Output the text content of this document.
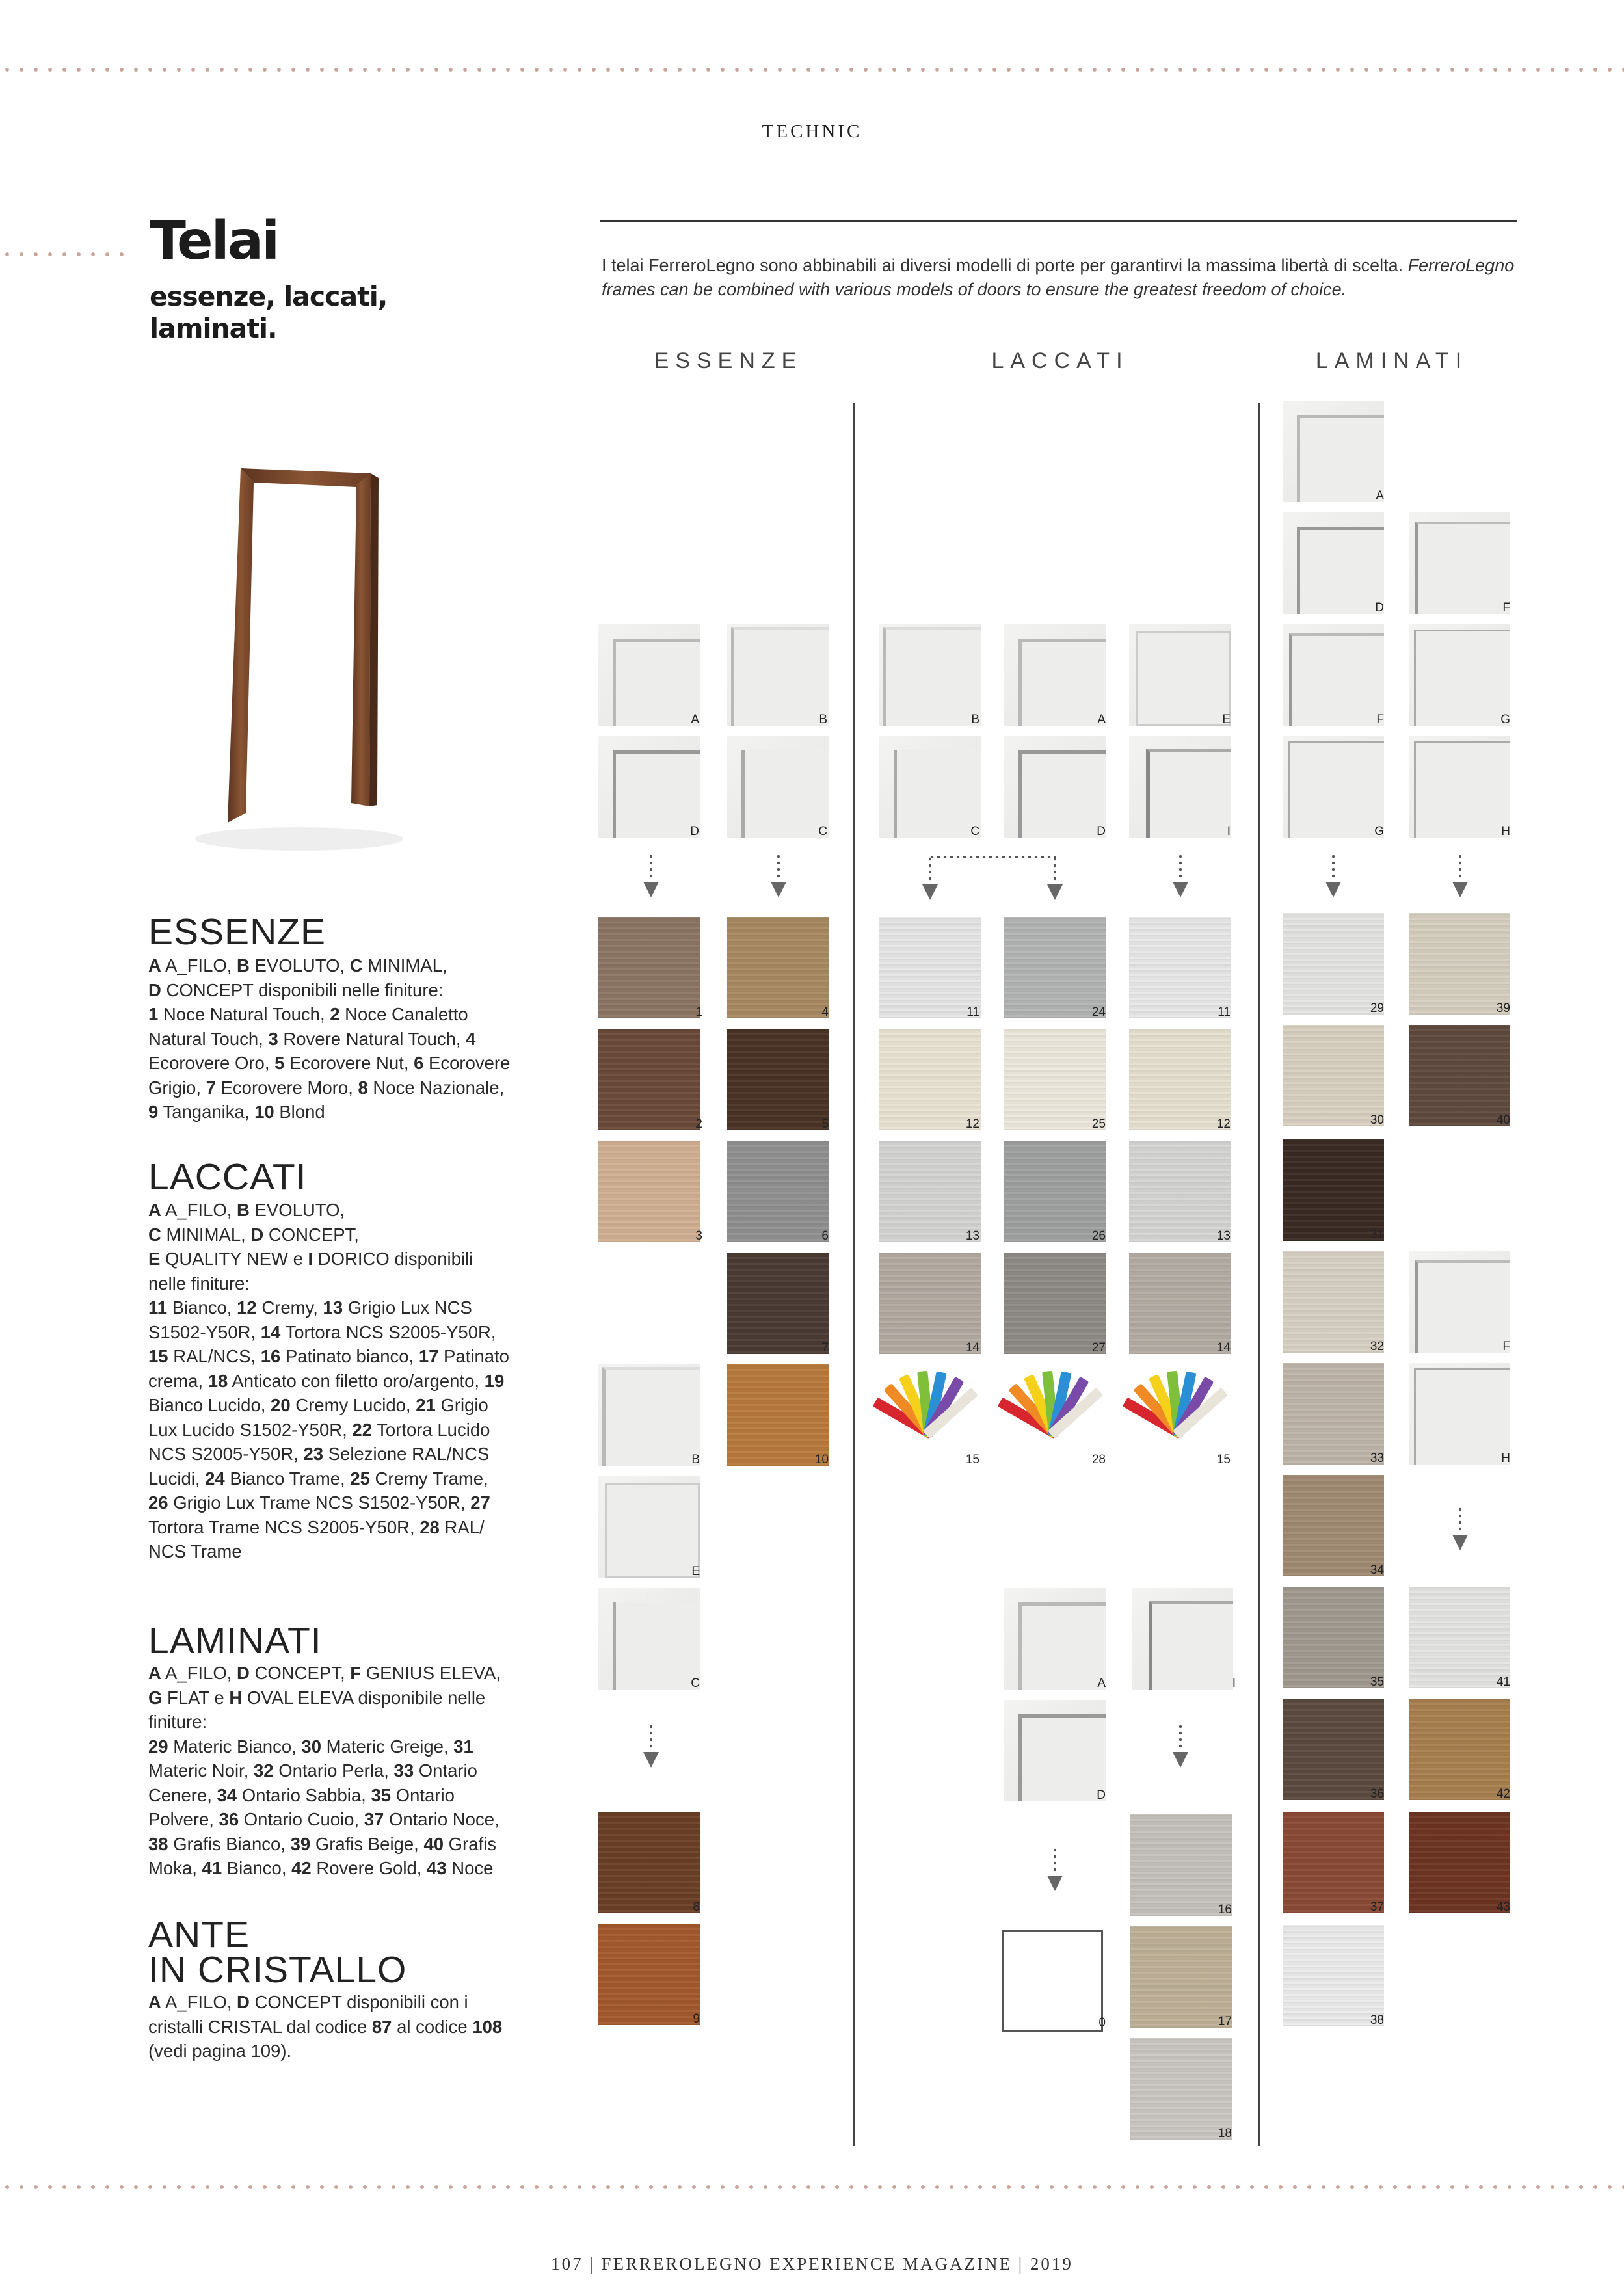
TECHNIC
Telai
essenze, laccati, laminati.
I telai FerreroLegno sono abbinabili ai diversi modelli di porte per garantirvi la massima libertà di scelta. FerreroLegno frames can be combined with various models of doors to ensure the greatest freedom of choice.
ESSENZE	LACCATI	LAMINATI
ESSENZE
A A_FILO, B EVOLUTO, C MINIMAL,
D CONCEPT disponibili nelle finiture:
1 Noce Natural Touch, 2 Noce Canaletto Natural Touch, 3 Rovere Natural Touch, 4 Ecorovere Oro, 5 Ecorovere Nut, 6 Ecorovere Grigio, 7 Ecorovere Moro, 8 Noce Nazionale, 9 Tanganika, 10 Blond
LACCATI
A A_FILO, B EVOLUTO,
C MINIMAL, D CONCEPT,
E QUALITY NEW e I DORICO disponibili nelle finiture:
11 Bianco, 12 Cremy, 13 Grigio Lux NCS S1502-Y50R, 14 Tortora NCS S2005-Y50R, 15 RAL/NCS, 16 Patinato bianco, 17 Patinato crema, 18 Anticato con filetto oro/argento, 19 Bianco Lucido, 20 Cremy Lucido, 21 Grigio Lux Lucido S1502-Y50R, 22 Tortora Lucido NCS S2005-Y50R, 23 Selezione RAL/NCS Lucidi, 24 Bianco Trame, 25 Cremy Trame, 26 Grigio Lux Trame NCS S1502-Y50R, 27 Tortora Trame NCS S2005-Y50R, 28 RAL/ NCS Trame
LAMINATI
A A_FILO, D CONCEPT, F GENIUS ELEVA, G FLAT e H OVAL ELEVA disponibile nelle finiture:
29 Materic Bianco, 30 Materic Greige, 31 Materic Noir, 32 Ontario Perla, 33 Ontario Cenere, 34 Ontario Sabbia, 35 Ontario Polvere, 36 Ontario Cuoio, 37 Ontario Noce, 38 Grafis Bianco, 39 Grafis Beige, 40 Grafis Moka, 41 Bianco, 42 Rovere Gold, 43 Noce
ANTE
IN CRISTALLO
A A_FILO, D CONCEPT disponibili con i cristalli CRISTAL dal codice 87 al codice 108 (vedi pagina 109).
A	B
D	C
1	4
2	5
3	6
7
B	10
E
C
8
9
B	A	E
C	D	I
11	24	11
12	25	12
13	26	13
14	27	14
15	28	15
A	I
D
0
16
17
18
A
D	F
F	G
G	H
29	39
30	40
31
32	F
33	H
34
35	41
36	42
37	43
38
107 | FERREROLEGNO EXPERIENCE MAGAZINE | 2019
